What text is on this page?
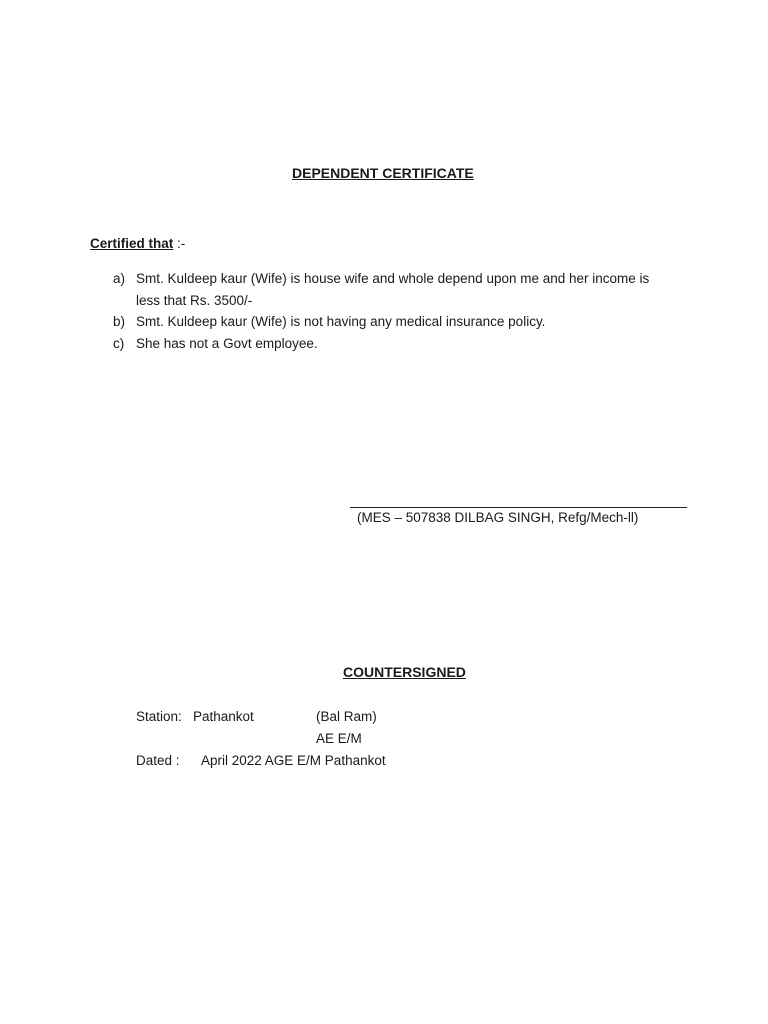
DEPENDENT CERTIFICATE
Certified that :-
a) Smt. Kuldeep kaur (Wife) is house wife and whole depend upon me and her income is
less that Rs. 3500/-
b) Smt. Kuldeep kaur (Wife) is not having any medical insurance policy.
c) She has not a Govt employee.
(MES – 507838 DILBAG SINGH, Refg/Mech-ll)
COUNTERSIGNED
Station: Pathankot	(Bal Ram)
AE E/M
Dated : April 2022 AGE E/M Pathankot
